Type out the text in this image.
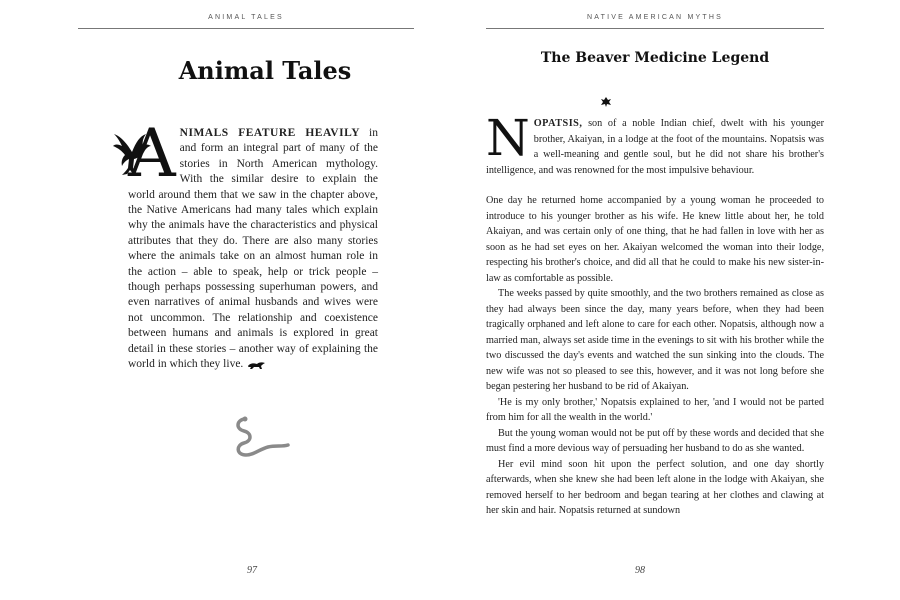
ANIMAL TALES
Animal Tales
ANIMALS FEATURE HEAVILY in and form an integral part of many of the stories in North American mythology. With the similar desire to explain the world around them that we saw in the chapter above, the Native Americans had many tales which explain why the animals have the characteristics and physical attributes that they do. There are also many stories where the animals take on an almost human role in the action – able to speak, help or trick people – though perhaps possessing superhuman powers, and even narratives of animal husbands and wives were not uncommon. The relationship and coexistence between humans and animals is explored in great detail in these stories – another way of explaining the world in which they live.
97
NATIVE AMERICAN MYTHS
The Beaver Medicine Legend

NOPATSIS, son of a noble Indian chief, dwelt with his younger brother, Akaiyan, in a lodge at the foot of the mountains. Nopatsis was a well-meaning and gentle soul, but he did not share his brother's intelligence, and was renowned for the most impulsive behaviour.

One day he returned home accompanied by a young woman he proceeded to introduce to his younger brother as his wife. He knew little about her, he told Akaiyan, and was certain only of one thing, that he had fallen in love with her as soon as he had set eyes on her. Akaiyan welcomed the woman into their lodge, respecting his brother's choice, and did all that he could to make his new sister-in-law as comfortable as possible.

The weeks passed by quite smoothly, and the two brothers remained as close as they had always been since the day, many years before, when they had been tragically orphaned and left alone to care for each other. Nopatsis, although now a married man, always set aside time in the evenings to sit with his brother while the two discussed the day's events and watched the sun sinking into the clouds. The new wife was not so pleased to see this, however, and it was not long before she began pestering her husband to be rid of Akaiyan.

'He is my only brother,' Nopatsis explained to her, 'and I would not be parted from him for all the wealth in the world.'

But the young woman would not be put off by these words and decided that she must find a more devious way of persuading her husband to do as she wanted.

Her evil mind soon hit upon the perfect solution, and one day shortly afterwards, when she knew she had been left alone in the lodge with Akaiyan, she removed herself to her bedroom and began tearing at her clothes and clawing at her skin and hair. Nopatsis returned at sundown

98
